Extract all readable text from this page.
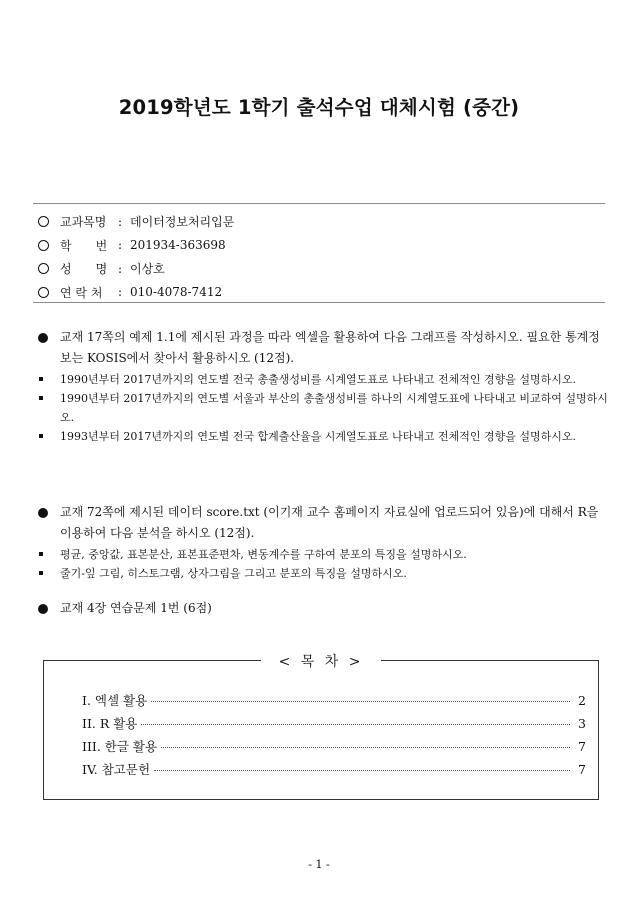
2019학년도 1학기 출석수업 대체시험 (중간)
교과목명 : 데이터정보처리입문
학　　번 : 201934-363698
성　　명 : 이상호
연 락 처	: 010-4078-7412
교재 17쪽의 예제 1.1에 제시된 과정을 따라 엑셀을 활용하여 다음 그래프를 작성하시오. 필요한 통계정보는 KOSIS에서 찾아서 활용하시오 (12점).
1990년부터 2017년까지의 연도별 전국 총출생성비를 시계열도표로 나타내고 전체적인 경향을 설명하시오.
1990년부터 2017년까지의 연도별 서울과 부산의 총출생성비를 하나의 시계열도표에 나타내고 비교하여 설명하시오.
1993년부터 2017년까지의 연도별 전국 합계출산율을 시계열도표로 나타내고 전체적인 경향을 설명하시오.
교재 72쪽에 제시된 데이터 score.txt (이기재 교수 홈페이지 자료실에 업로드되어 있음)에 대해서 R을 이용하여 다음 분석을 하시오 (12점).
평균, 중앙값, 표본분산, 표본표준편차, 변동계수를 구하여 분포의 특징을 설명하시오.
줄기-잎 그림, 히스토그램, 상자그림을 그리고 분포의 특징을 설명하시오.
교재 4장 연습문제 1번 (6점)
< 목 차 >
I. 엑셀 활용	2
II. R 활용	3
III. 한글 활용	7
IV. 참고문헌	7
- 1 -
